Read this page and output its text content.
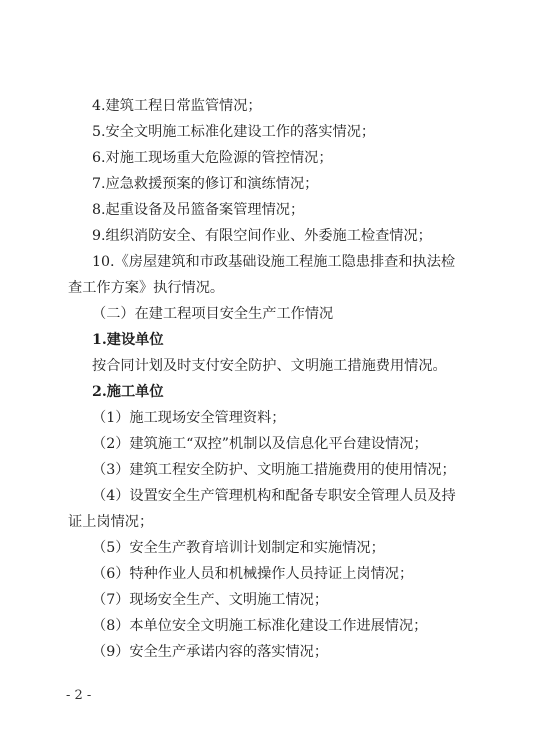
4.建筑工程日常监管情况；
5.安全文明施工标准化建设工作的落实情况；
6.对施工现场重大危险源的管控情况；
7.应急救援预案的修订和演练情况；
8.起重设备及吊篮备案管理情况；
9.组织消防安全、有限空间作业、外委施工检查情况；
10.《房屋建筑和市政基础设施工程施工隐患排查和执法检
查工作方案》执行情况。
（二）在建工程项目安全生产工作情况
1.建设单位
按合同计划及时支付安全防护、文明施工措施费用情况。
2.施工单位
（1）施工现场安全管理资料；
（2）建筑施工“双控”机制以及信息化平台建设情况；
（3）建筑工程安全防护、文明施工措施费用的使用情况；
（4）设置安全生产管理机构和配备专职安全管理人员及持
证上岗情况；
（5）安全生产教育培训计划制定和实施情况；
（6）特种作业人员和机械操作人员持证上岗情况；
（7）现场安全生产、文明施工情况；
（8）本单位安全文明施工标准化建设工作进展情况；
（9）安全生产承诺内容的落实情况；
- 2 -
